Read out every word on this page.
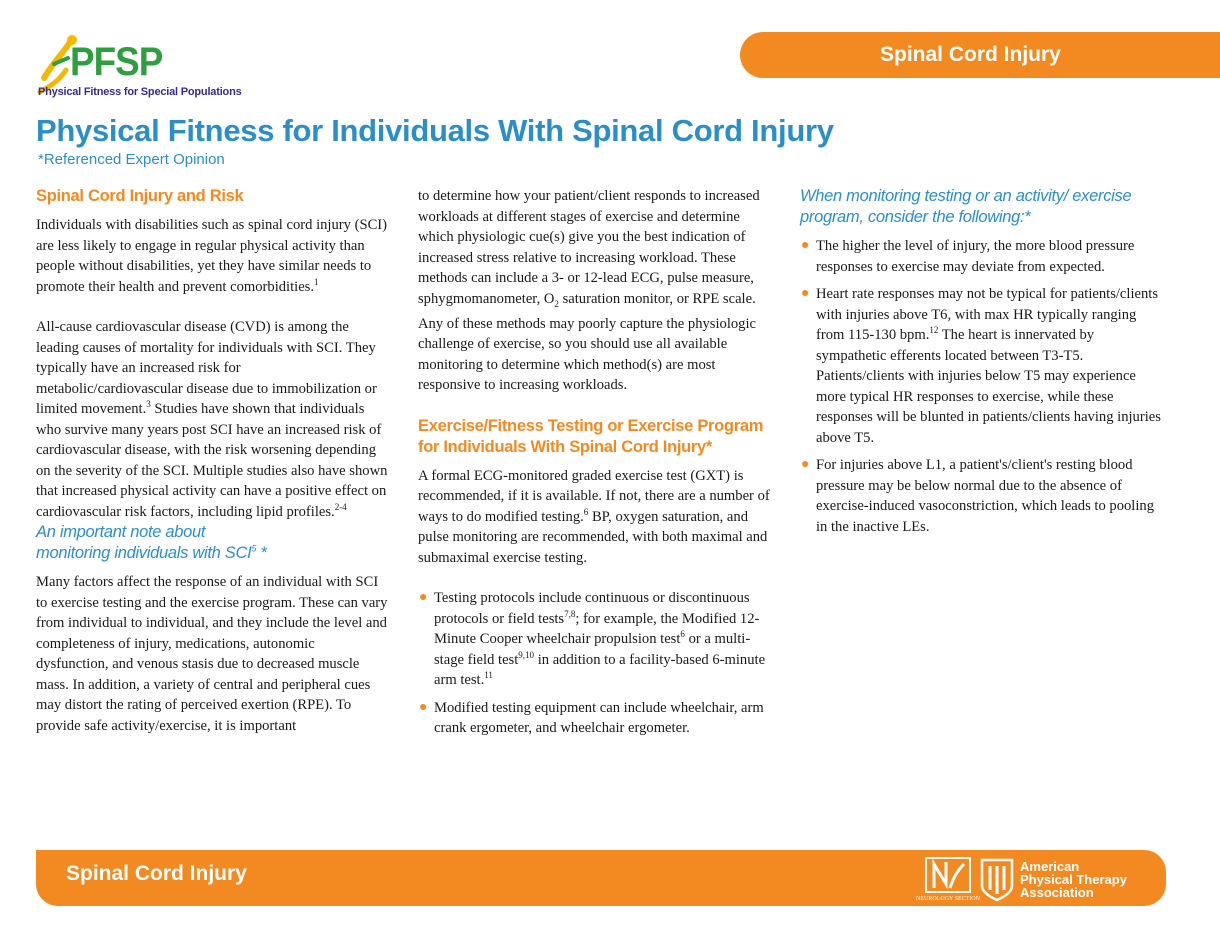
PFSP
Physical Fitness for Special Populations
Spinal Cord Injury
Physical Fitness for Individuals With Spinal Cord Injury
*Referenced Expert Opinion
Spinal Cord Injury and Risk

Individuals with disabilities such as spinal cord injury (SCI) are less likely to engage in regular physical activity than people without disabilities, yet they have similar needs to promote their health and prevent comorbidities.$^1$

All-cause cardiovascular disease (CVD) is among the leading causes of mortality for individuals with SCI. They typically have an increased risk for metabolic/cardiovascular disease due to immobilization or limited movement.$^3$ Studies have shown that individuals who survive many years post SCI have an increased risk of cardiovascular disease, with the risk worsening depending on the severity of the SCI. Multiple studies also have shown that increased physical activity can have a positive effect on cardiovascular risk factors, including lipid profiles.$^{2-4}$

An important note about
monitoring individuals with SCI$^5$ *

Many factors affect the response of an individual with SCI to exercise testing and the exercise program. These can vary from individual to individual, and they include the level and completeness of injury, medications, autonomic dysfunction, and venous stasis due to decreased muscle mass. In addition, a variety of central and peripheral cues may distort the rating of perceived exertion (RPE). To provide safe activity/exercise, it is important

to determine how your patient/client responds to increased workloads at different stages of exercise and determine which physiologic cue(s) give you the best indication of increased stress relative to increasing workload. These methods can include a 3- or 12-lead ECG, pulse measure, sphygmomanometer, $O_2$ saturation monitor, or RPE scale. Any of these methods may poorly capture the physiologic challenge of exercise, so you should use all available monitoring to determine which method(s) are most responsive to increasing workloads.

Exercise/Fitness Testing or Exercise Program for Individuals With Spinal Cord Injury*

A formal ECG-monitored graded exercise test (GXT) is recommended, if it is available. If not, there are a number of ways to do modified testing.$^6$ BP, oxygen saturation, and pulse monitoring are recommended, with both maximal and submaximal exercise testing.

● Testing protocols include continuous or discontinuous protocols or field tests$^{7,8}$; for example, the Modified 12-Minute Cooper wheelchair propulsion test$^6$ or a multi-stage field test$^{9,10}$ in addition to a facility-based 6-minute arm test.$^{11}$
● Modified testing equipment can include wheelchair, arm crank ergometer, and wheelchair ergometer.
When monitoring testing or an activity/ exercise program, consider the following:*
● The higher the level of injury, the more blood pressure responses to exercise may deviate from expected.
● Heart rate responses may not be typical for patients/clients with injuries above T6, with max HR typically ranging from 115-130 bpm.$^{12}$ The heart is innervated by sympathetic efferents located between T3-T5. Patients/clients with injuries below T5 may experience more typical HR responses to exercise, while these responses will be blunted in patients/clients having injuries above T5.
● For injuries above L1, a patient's/client's resting blood pressure may be below normal due to the absence of exercise-induced vasoconstriction, which leads to pooling in the inactive LEs.
Spinal Cord Injury
NEUROLOGY SECTION
American
Physical Therapy
Association
